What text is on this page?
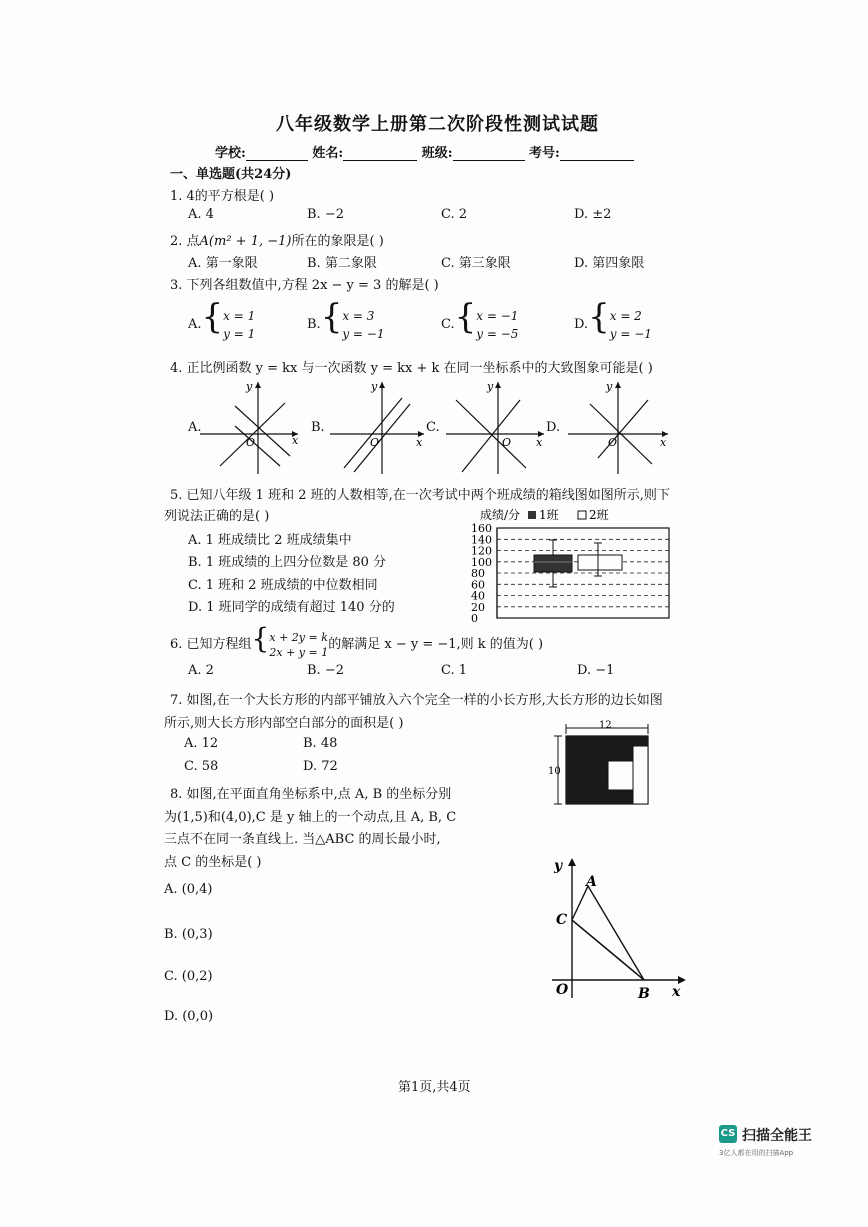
八年级数学上册第二次阶段性测试试题
学校:	姓名:	班级:	考号:
一、单选题(共24分)
1. 4的平方根是( )
A. 4	B. −2	C. 2	D. ±2
2. 点A(m² + 1, −1)所在的象限是( )
A. 第一象限	B. 第二象限	C. 第三象限	D. 第四象限
3. 下列各组数值中,方程 2x − y = 3 的解是( )
A.{x = 1
y = 1
B.{x = 3
y = −1
C.{x = −1
y = −5
D.{x = 2
y = −1
4. 正比例函数 y = kx 与一次函数 y = kx + k 在同一坐标系中的大致图象可能是( )
A.	B.	C.	D.
x
y
O	x
y
O	x
y
O	x
y
O
5. 已知八年级 1 班和 2 班的人数相等,在一次考试中两个班成绩的箱线图如图所示,则下
列说法正确的是( )
A. 1 班成绩比 2 班成绩集中
B. 1 班成绩的上四分位数是 80 分
C. 1 班和 2 班成绩的中位数相同
D. 1 班同学的成绩有超过 140 分的
成绩/分 1班	2班
160
140
120
100
80
60
40
20
0
6. 已知方程组{x + 2y = k
2x + y = 1的解满足 x − y = −1,则 k 的值为( )
A. 2	B. −2	C. 1	D. −1
7. 如图,在一个大长方形的内部平铺放入六个完全一样的小长方形,大长方形的边长如图
所示,则大长方形内部空白部分的面积是( )
A. 12	B. 48
C. 58	D. 72
12
10
8. 如图,在平面直角坐标系中,点 A, B 的坐标分别
为(1,5)和(4,0),C 是 y 轴上的一个动点,且 A, B, C
三点不在同一条直线上. 当△ABC 的周长最小时,
点 C 的坐标是( )
A. (0,4)
B. (0,3)
C. (0,2)
D. (0,0)
y
x
A
B
C
O
第1页,共4页
CS 扫描全能王
3亿人都在用的扫描App
